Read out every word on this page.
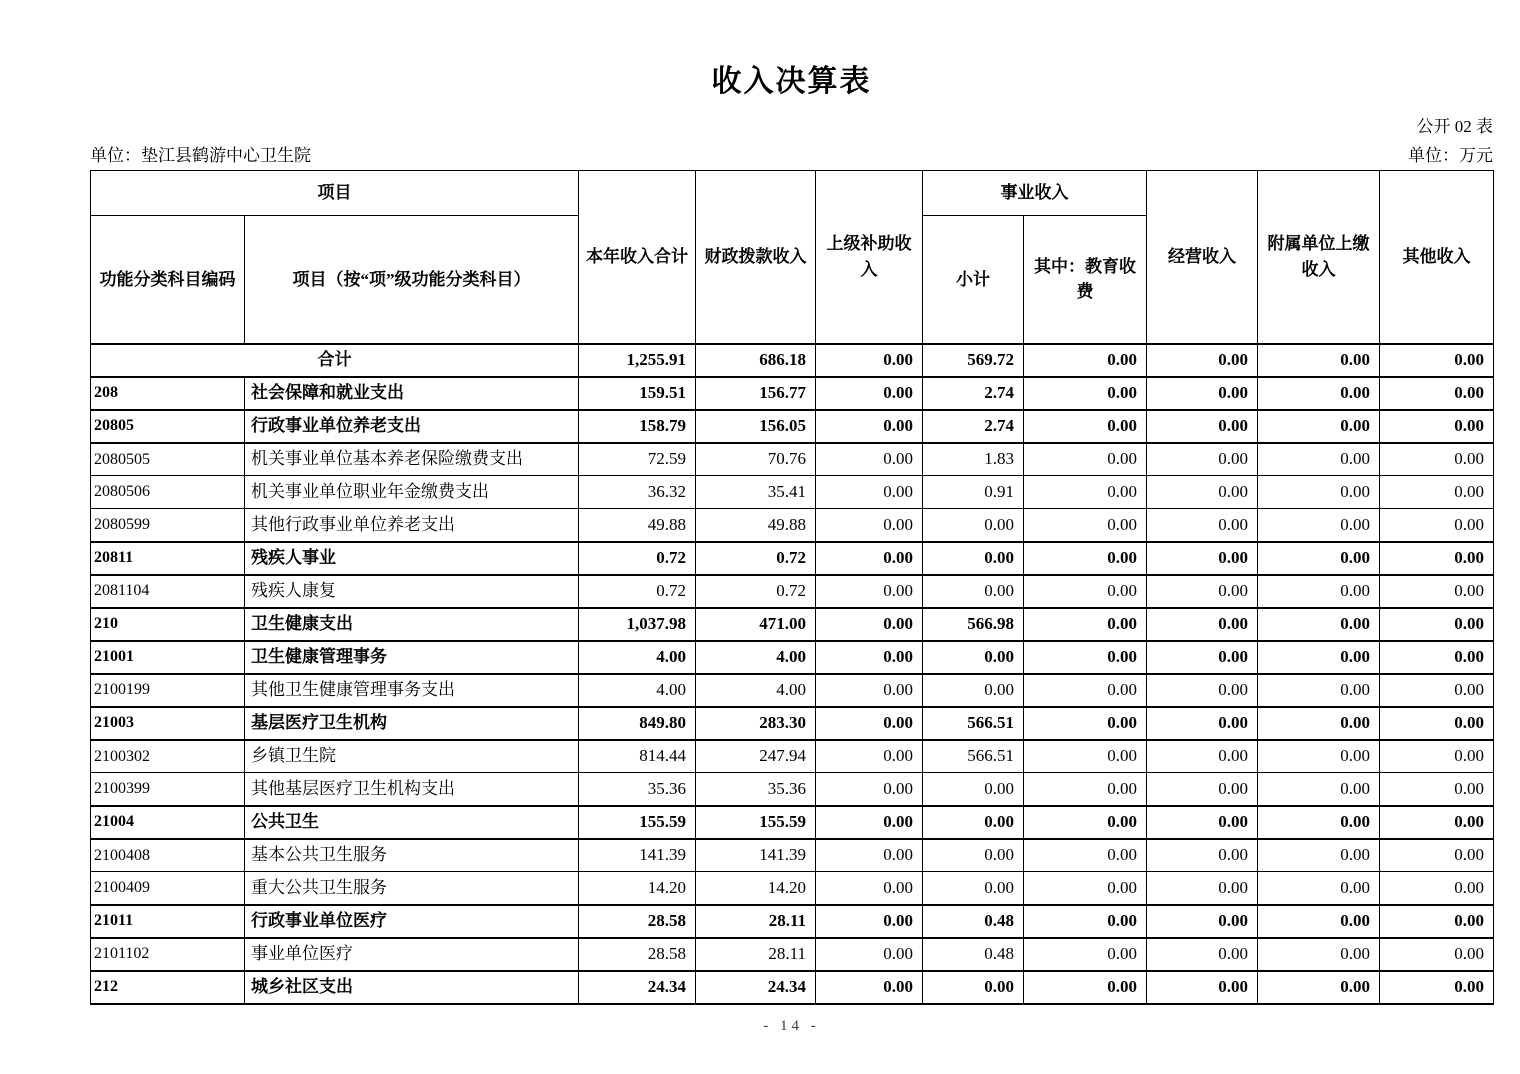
收入决算表
公开 02 表
单位：垫江县鹤游中心卫生院	单位：万元
项目		本年收入合计	财政拨款收入	上级补助收入	事业收入		经营收入	附属单位上缴收入	其他收入
功能分类科目编码	项目（按“项”级功能分类科目）				小计	其中：教育收费			
合计		1,255.91	686.18	0.00	569.72	0.00	0.00	0.00	0.00
208	社会保障和就业支出	159.51	156.77	0.00	2.74	0.00	0.00	0.00	0.00
20805	行政事业单位养老支出	158.79	156.05	0.00	2.74	0.00	0.00	0.00	0.00
2080505	机关事业单位基本养老保险缴费支出	72.59	70.76	0.00	1.83	0.00	0.00	0.00	0.00
2080506	机关事业单位职业年金缴费支出	36.32	35.41	0.00	0.91	0.00	0.00	0.00	0.00
2080599	其他行政事业单位养老支出	49.88	49.88	0.00	0.00	0.00	0.00	0.00	0.00
20811	残疾人事业	0.72	0.72	0.00	0.00	0.00	0.00	0.00	0.00
2081104	残疾人康复	0.72	0.72	0.00	0.00	0.00	0.00	0.00	0.00
210	卫生健康支出	1,037.98	471.00	0.00	566.98	0.00	0.00	0.00	0.00
21001	卫生健康管理事务	4.00	4.00	0.00	0.00	0.00	0.00	0.00	0.00
2100199	其他卫生健康管理事务支出	4.00	4.00	0.00	0.00	0.00	0.00	0.00	0.00
21003	基层医疗卫生机构	849.80	283.30	0.00	566.51	0.00	0.00	0.00	0.00
2100302	乡镇卫生院	814.44	247.94	0.00	566.51	0.00	0.00	0.00	0.00
2100399	其他基层医疗卫生机构支出	35.36	35.36	0.00	0.00	0.00	0.00	0.00	0.00
21004	公共卫生	155.59	155.59	0.00	0.00	0.00	0.00	0.00	0.00
2100408	基本公共卫生服务	141.39	141.39	0.00	0.00	0.00	0.00	0.00	0.00
2100409	重大公共卫生服务	14.20	14.20	0.00	0.00	0.00	0.00	0.00	0.00
21011	行政事业单位医疗	28.58	28.11	0.00	0.48	0.00	0.00	0.00	0.00
2101102	事业单位医疗	28.58	28.11	0.00	0.48	0.00	0.00	0.00	0.00
212	城乡社区支出	24.34	24.34	0.00	0.00	0.00	0.00	0.00	0.00
- 14 -
